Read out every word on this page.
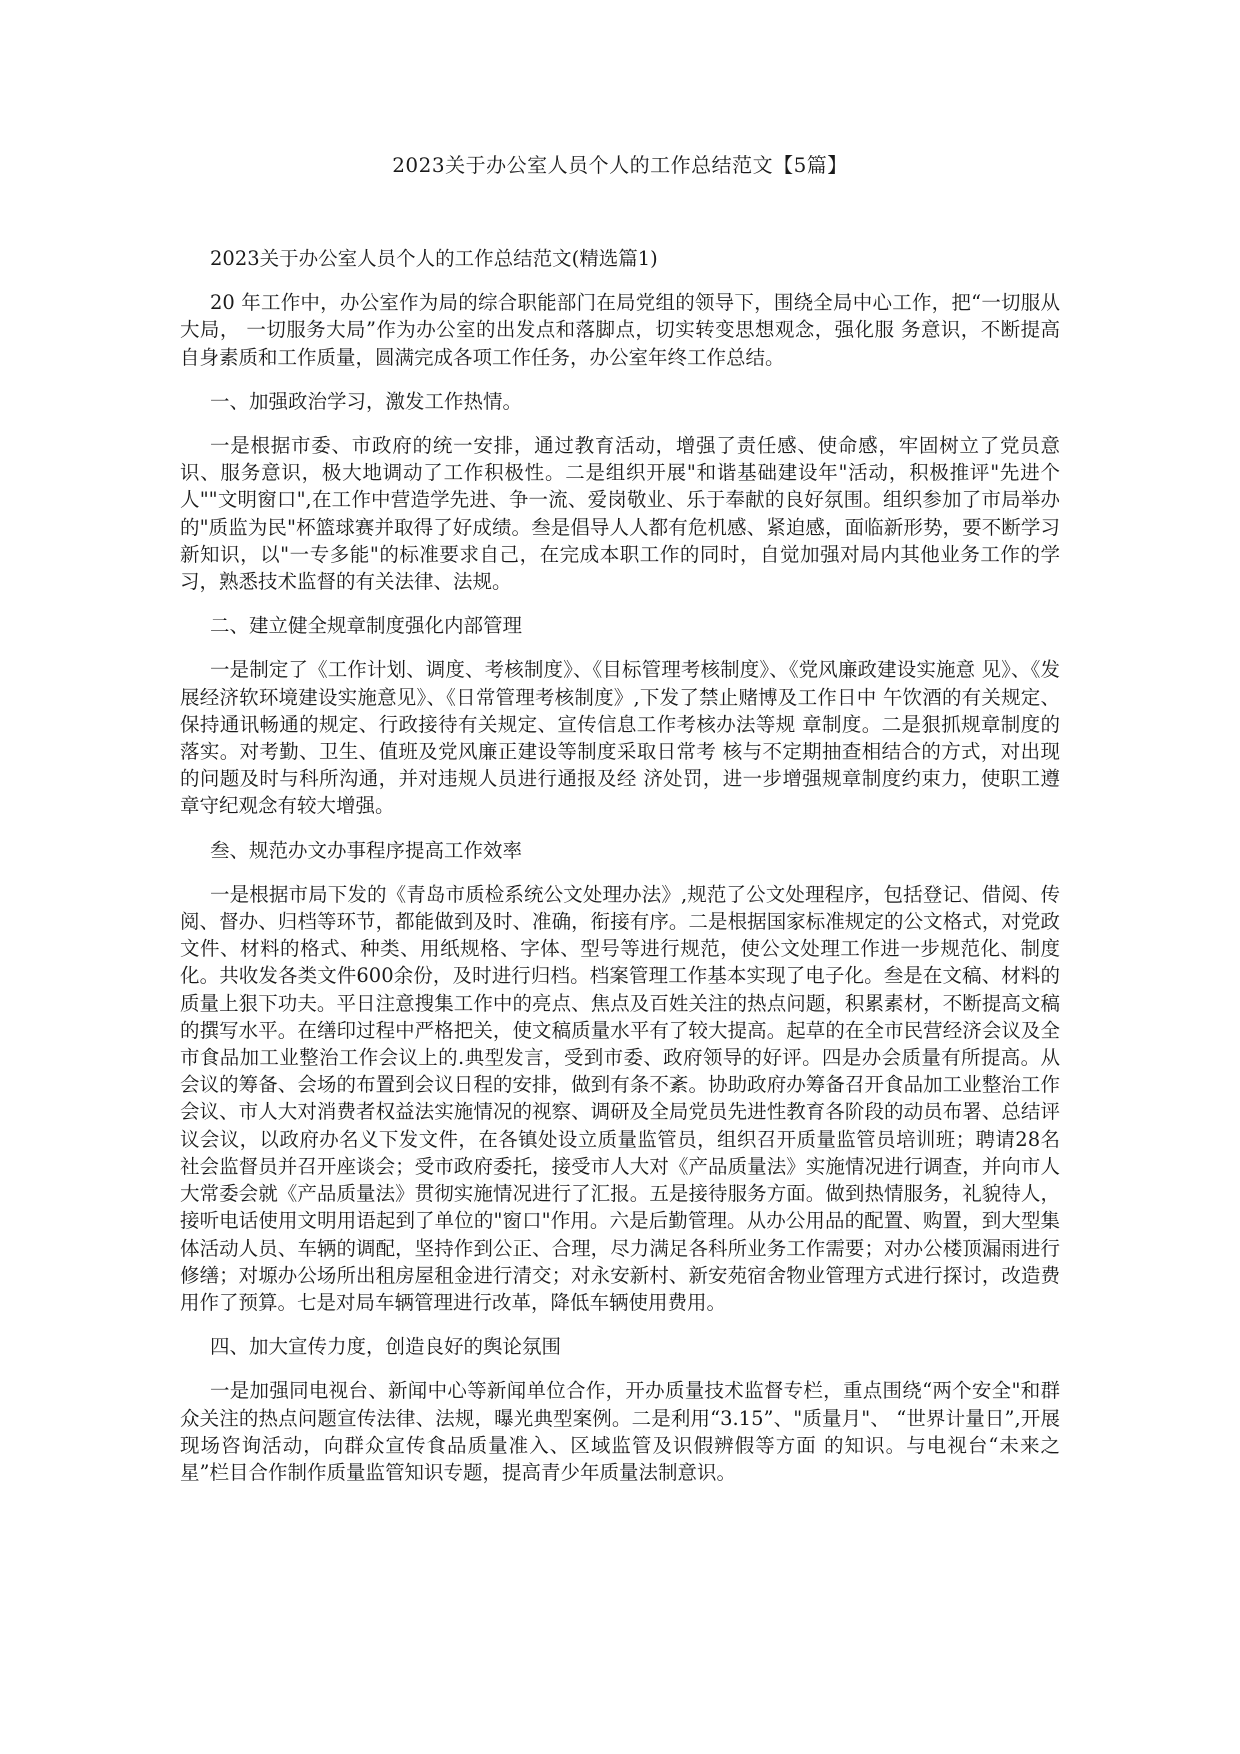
2023关于办公室人员个人的工作总结范文【5篇】

2023关于办公室人员个人的工作总结范文(精选篇1)

20 年工作中，办公室作为局的综合职能部门在局党组的领导下，围绕全局中心工作，把“一切服从大局， 一切服务大局”作为办公室的出发点和落脚点，切实转变思想观念，强化服 务意识，不断提高自身素质和工作质量，圆满完成各项工作任务，办公室年终工作总结。

一、加强政治学习，激发工作热情。

一是根据市委、市政府的统一安排，通过教育活动，增强了责任感、使命感，牢固树立了党员意识、服务意识，极大地调动了工作积极性。二是组织开展"和谐基础建设年"活动，积极推评"先进个人""文明窗口",在工作中营造学先进、争一流、爱岗敬业、乐于奉献的良好氛围。组织参加了市局举办的"质监为民"杯篮球赛并取得了好成绩。叁是倡导人人都有危机感、紧迫感，面临新形势，要不断学习新知识，以"一专多能"的标准要求自己，在完成本职工作的同时，自觉加强对局内其他业务工作的学习，熟悉技术监督的有关法律、法规。

二、建立健全规章制度强化内部管理

一是制定了《工作计划、调度、考核制度》、《目标管理考核制度》、《党风廉政建设实施意 见》、《发展经济软环境建设实施意见》、《日常管理考核制度》,下发了禁止赌博及工作日中 午饮酒的有关规定、保持通讯畅通的规定、行政接待有关规定、宣传信息工作考核办法等规 章制度。二是狠抓规章制度的落实。对考勤、卫生、值班及党风廉正建设等制度采取日常考 核与不定期抽查相结合的方式，对出现的问题及时与科所沟通，并对违规人员进行通报及经 济处罚，进一步增强规章制度约束力，使职工遵章守纪观念有较大增强。

叁、规范办文办事程序提高工作效率

一是根据市局下发的《青岛市质检系统公文处理办法》,规范了公文处理程序，包括登记、借阅、传阅、督办、归档等环节，都能做到及时、准确，衔接有序。二是根据国家标准规定的公文格式，对党政文件、材料的格式、种类、用纸规格、字体、型号等进行规范，使公文处理工作进一步规范化、制度化。共收发各类文件600余份，及时进行归档。档案管理工作基本实现了电子化。叁是在文稿、材料的质量上狠下功夫。平日注意搜集工作中的亮点、焦点及百姓关注的热点问题，积累素材，不断提高文稿的撰写水平。在缮印过程中严格把关，使文稿质量水平有了较大提高。起草的在全市民营经济会议及全市食品加工业整治工作会议上的.典型发言，受到市委、政府领导的好评。四是办会质量有所提高。从会议的筹备、会场的布置到会议日程的安排，做到有条不紊。协助政府办筹备召开食品加工业整治工作会议、市人大对消费者权益法实施情况的视察、调研及全局党员先进性教育各阶段的动员布署、总结评议会议，以政府办名义下发文件，在各镇处设立质量监管员，组织召开质量监管员培训班；聘请28名社会监督员并召开座谈会；受市政府委托，接受市人大对《产品质量法》实施情况进行调查，并向市人大常委会就《产品质量法》贯彻实施情况进行了汇报。五是接待服务方面。做到热情服务，礼貌待人，接听电话使用文明用语起到了单位的"窗口"作用。六是后勤管理。从办公用品的配置、购置，到大型集体活动人员、车辆的调配，坚持作到公正、合理，尽力满足各科所业务工作需要；对办公楼顶漏雨进行修缮；对塬办公场所出租房屋租金进行清交；对永安新村、新安苑宿舍物业管理方式进行探讨，改造费用作了预算。七是对局车辆管理进行改革，降低车辆使用费用。

四、加大宣传力度，创造良好的舆论氛围

一是加强同电视台、新闻中心等新闻单位合作，开办质量技术监督专栏，重点围绕“两个安全"和群众关注的热点问题宣传法律、法规，曝光典型案例。二是利用“3.15”、"质量月"、 “世界计量日”,开展现场咨询活动，向群众宣传食品质量准入、区域监管及识假辨假等方面 的知识。与电视台“未来之星”栏目合作制作质量监管知识专题，提高青少年质量法制意识。
